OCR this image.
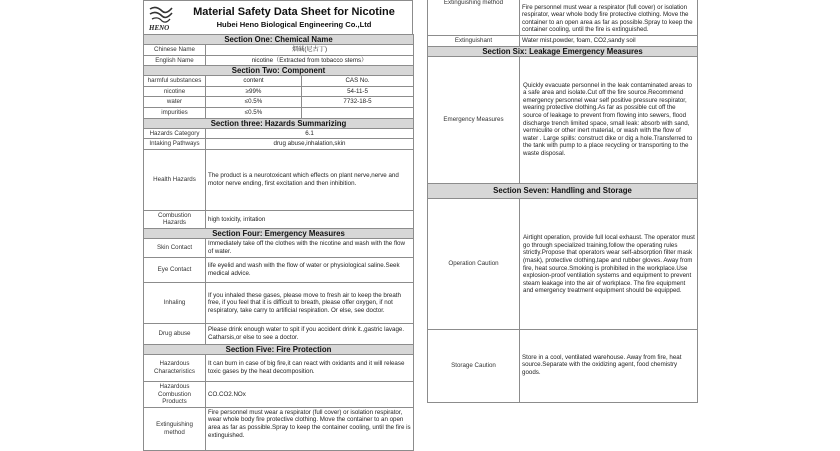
HENO
Material Safety Data Sheet for Nicotine
Hubei Heno Biological Engineering Co.,Ltd
Section One: Chemical Name		
Chinese Name	烟碱(尼古丁)	
English Name	nicotine（Extracted from tobacco stems）	
Section Two: Component		
harmful substances	content	CAS No.
nicotine	≥99%	54-11-5
water	≤0.5%	7732-18-5
impurities	≤0.5%	
Section three: Hazards Summarizing		
Hazards Category	6.1	
Intaking Pathways	drug abuse,inhalation,skin	
Health Hazards	The product is a neurotoxicant which effects on plant nerve,nerve and motor nerve ending, first excitation and then inhibition.	
Combustion Hazards	high toxicity, irritation	
Section Four: Emergency Measures		
Skin Contact	Immediately take off the clothes with the nicotine and wash with the flow of water.	
Eye Contact	life eyelid and wash with the flow of water or physiological saline.Seek medical advice.	
Inhaling	If you inhaled these gases, please move to fresh air to keep the breath free, if you feel that it is difficult to breath, please offer oxygen, if not respiratory, take carry to artificial respiration. Or else, see doctor.	
Drug abuse	Please drink enough water to spit if you accident drink it.,gastric lavage. Catharsis,or else to see a doctor.	
Section Five: Fire Protection		
Hazardous Characteristics	It can burn in case of big fire,it can react with oxidants and it will release toxic gases by the heat decomposition.	
Hazardous Combustion Products	CO.CO2.NOx	
Extinguishing method	Fire personnel must wear a respirator (full cover) or isolation respirator, wear whole body fire protective clothing. Move the container to an open area as far as possible.Spray to keep the container cooling, until the fire is extinguished.	
Extinguishing method	Fire personnel must wear a respirator (full cover) or isolation respirator, wear whole body fire protective clothing. Move the container to an open area as far as possible.Spray to keep the container cooling, until the fire is extinguished.
Extinguishant	Water mist,powder, foam, CO2,sandy soil
Section Six: Leakage Emergency Measures	
Emergency Measures	Quickly evacuate personnel in the leak contaminated areas to a safe area and isolate.Cut off the fire source.Recommend emergency personnel wear self positive pressure respirator, wearing protective clothing.As far as possible cut off the source of leakage to prevent from flowing into sewers, flood discharge trench limited space, small leak: absorb with sand, vermiculite or other inert material, or wash with the flow of water . Large spills: construct dike or dig a hole.Transferred to the tank with pump to a place recycling or transporting to the waste disposal.
Section Seven: Handling and Storage	
Operation Caution	Airtight operation, provide full local exhaust. The operator must go through specialized training,follow the operating rules strictly.Propose that operators wear self-absorption filter mask (mask), protective clothing,tape and rubber gloves. Away from fire, heat source.Smoking is prohibited in the workplace.Use explosion-proof ventilation systems and equipment to prevent steam leakage into the air of workplace. The fire equipment and emergency treatment equipment should be equipped.
Storage Caution	Store in a cool, ventilated warehouse. Away from fire, heat source.Separate with the oxidizing agent, food chemistry goods.
